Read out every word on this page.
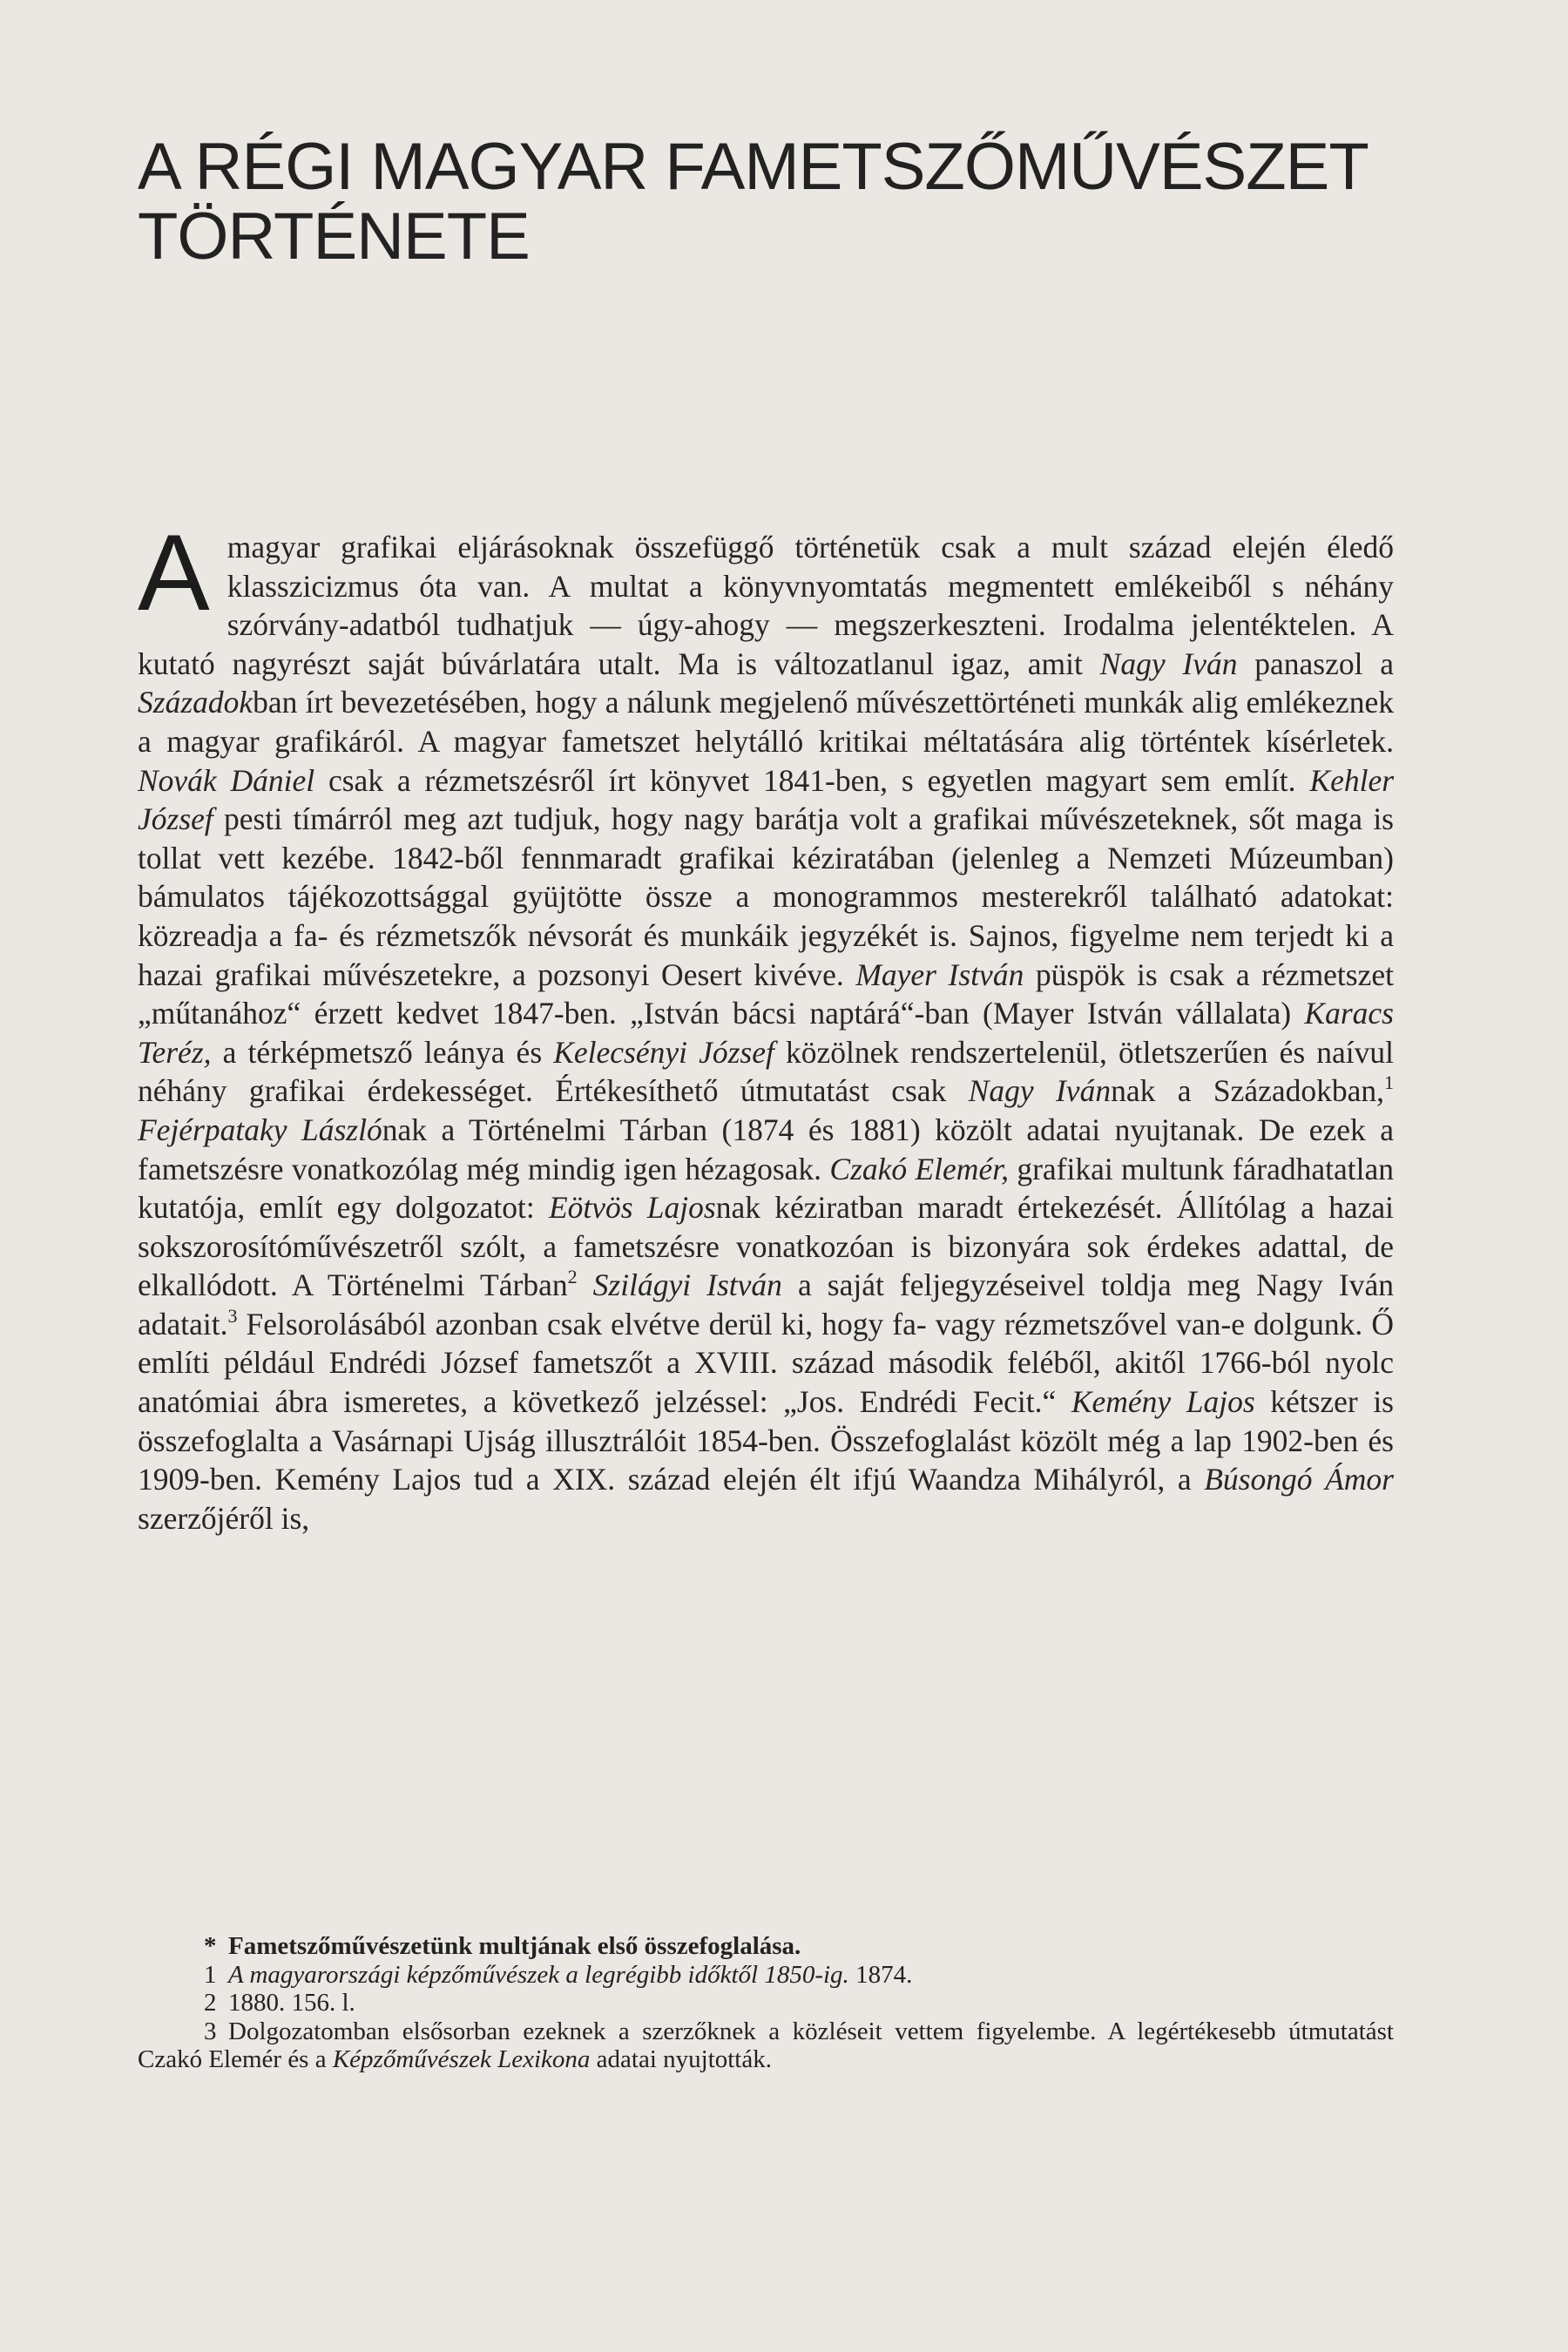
A RÉGI MAGYAR FAMETSZŐMŰVÉSZET
TÖRTÉNETE

Amagyar grafikai eljárásoknak összefüggő történetük csak a mult század elején éledő klasszicizmus óta van. A multat a könyvnyomtatás megmentett emlékeiből s néhány szórvány-adatból tudhatjuk — úgy-ahogy — megszerkeszteni. Irodalma jelentéktelen. A kutató nagyrészt saját búvárlatára utalt. Ma is változatlanul igaz, amit Nagy Iván panaszol a Századokban írt bevezetésében, hogy a nálunk megjelenő művészettörténeti munkák alig emlékeznek a magyar grafikáról. A magyar fametszet helytálló kritikai méltatására alig történtek kísérletek. Novák Dániel csak a rézmetszésről írt könyvet 1841-ben, s egyetlen magyart sem említ. Kehler József pesti tímárról meg azt tudjuk, hogy nagy barátja volt a grafikai művészeteknek, sőt maga is tollat vett kezébe. 1842-ből fennmaradt grafikai kéziratában (jelenleg a Nemzeti Múzeumban) bámulatos tájékozottsággal gyüjtötte össze a monogrammos mesterekről található adatokat: közreadja a fa- és rézmetszők névsorát és munkáik jegyzékét is. Sajnos, figyelme nem terjedt ki a hazai grafikai művészetekre, a pozsonyi Oesert kivéve. Mayer István püspök is csak a rézmetszet „műtanához“ érzett kedvet 1847-ben. „István bácsi naptárá“-ban (Mayer István vállalata) Karacs Teréz, a térképmetsző leánya és Kelecsényi József közölnek rendszertelenül, ötletszerűen és naívul néhány grafikai érdekességet. Értékesíthető útmutatást csak Nagy Ivánnak a Századokban,$^1$ Fejérpataky Lászlónak a Történelmi Tárban (1874 és 1881) közölt adatai nyujtanak. De ezek a fametszésre vonatkozólag még mindig igen hézagosak. Czakó Elemér, grafikai multunk fáradhatatlan kutatója, említ egy dolgozatot: Eötvös Lajosnak kéziratban maradt értekezését. Állítólag a hazai sokszorosítóművészetről szólt, a fametszésre vonatkozóan is bizonyára sok érdekes adattal, de elkallódott. A Történelmi Tárban$^2$ Szilágyi István a saját feljegyzéseivel toldja meg Nagy Iván adatait.$^3$ Felsorolásából azonban csak elvétve derül ki, hogy fa- vagy rézmetszővel van-e dolgunk. Ő említi például Endrédi József fametszőt a XVIII. század második feléből, akitől 1766-ból nyolc anatómiai ábra ismeretes, a következő jelzéssel: „Jos. Endrédi Fecit.“ Kemény Lajos kétszer is összefoglalta a Vasárnapi Ujság illusztrálóit 1854-ben. Összefoglalást közölt még a lap 1902-ben és 1909-ben. Kemény Lajos tud a XIX. század elején élt ifjú Waandza Mihályról, a Búsongó Ámor szerzőjéről is,

* Fametszőművészetünk multjának első összefoglalása.

1 A magyarországi képzőművészek a legrégibb időktől 1850-ig. 1874.

2 1880. 156. l.

3 Dolgozatomban elsősorban ezeknek a szerzőknek a közléseit vettem figyelembe. A legértékesebb útmutatást Czakó Elemér és a Képzőművészek Lexikona adatai nyujtották.
